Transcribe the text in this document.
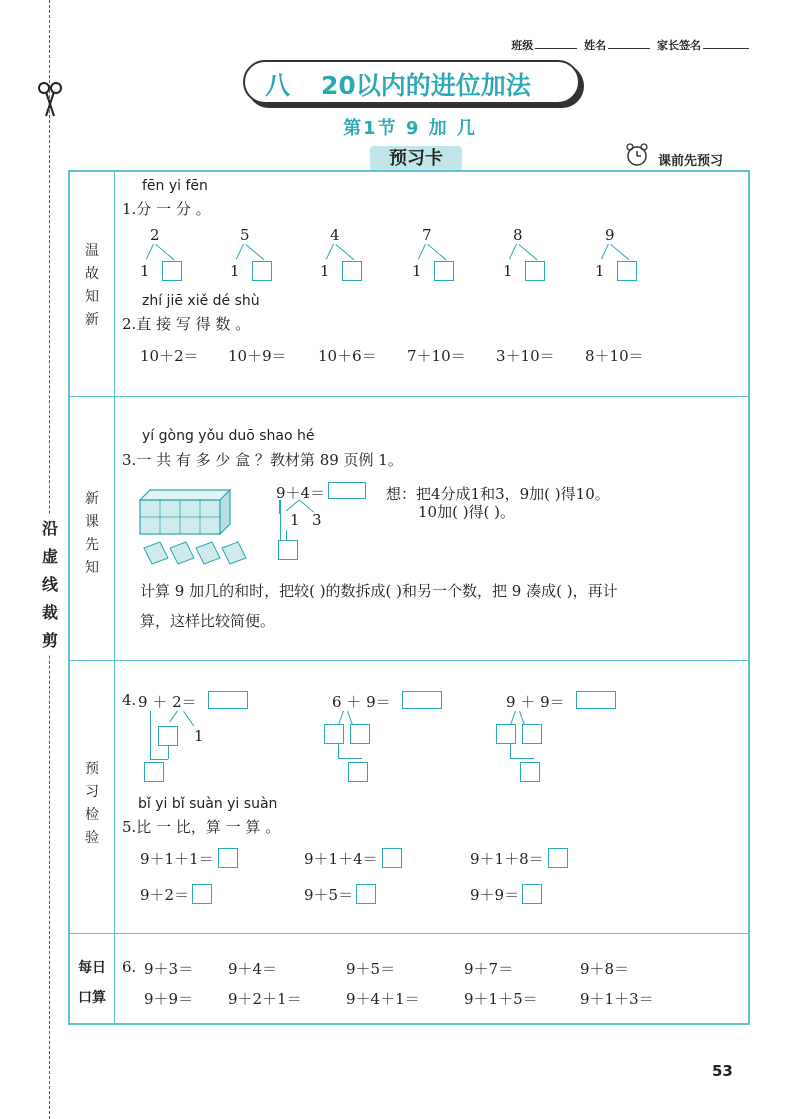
沿虚线裁剪
班级	姓名	家长签名
八 20以内的进位加法
第1节 9 加 几
预习卡	课前先预习
温故知新
新课先知
预习检验
每日口算
fēn yi fēn
1.分 一 分 。
2
1
5
1
4
1
7
1
8
1
9
1
zhí jiē xiě dé shù
2.直 接 写 得 数 。
10＋2＝ 10＋9＝ 10＋6＝ 7＋10＝ 3＋10＝ 8＋10＝
yí gòng yǒu duō shao hé
3.一 共 有 多 少 盒 ？教材第 89 页例 1。
9＋4＝
1 3
想：把4分成1和3，9加( )得10。
10加( )得( )。
计算 9 加几的和时，把较( )的数拆成( )和另一个数，把 9 凑成( )，再计
算，这样比较简便。
4. 9 ＋ 2＝
1
6 ＋ 9＝	9 ＋ 9＝
bǐ yi bǐ suàn yi suàn
5.比 一 比，算 一 算 。
9＋1＋1＝	9＋1＋4＝	9＋1＋8＝
9＋2＝	9＋5＝	9＋9＝
6. 9＋3＝ 9＋4＝	9＋5＝	9＋7＝	9＋8＝
9＋9＝ 9＋2＋1＝	9＋4＋1＝	9＋1＋5＝	9＋1＋3＝
53
